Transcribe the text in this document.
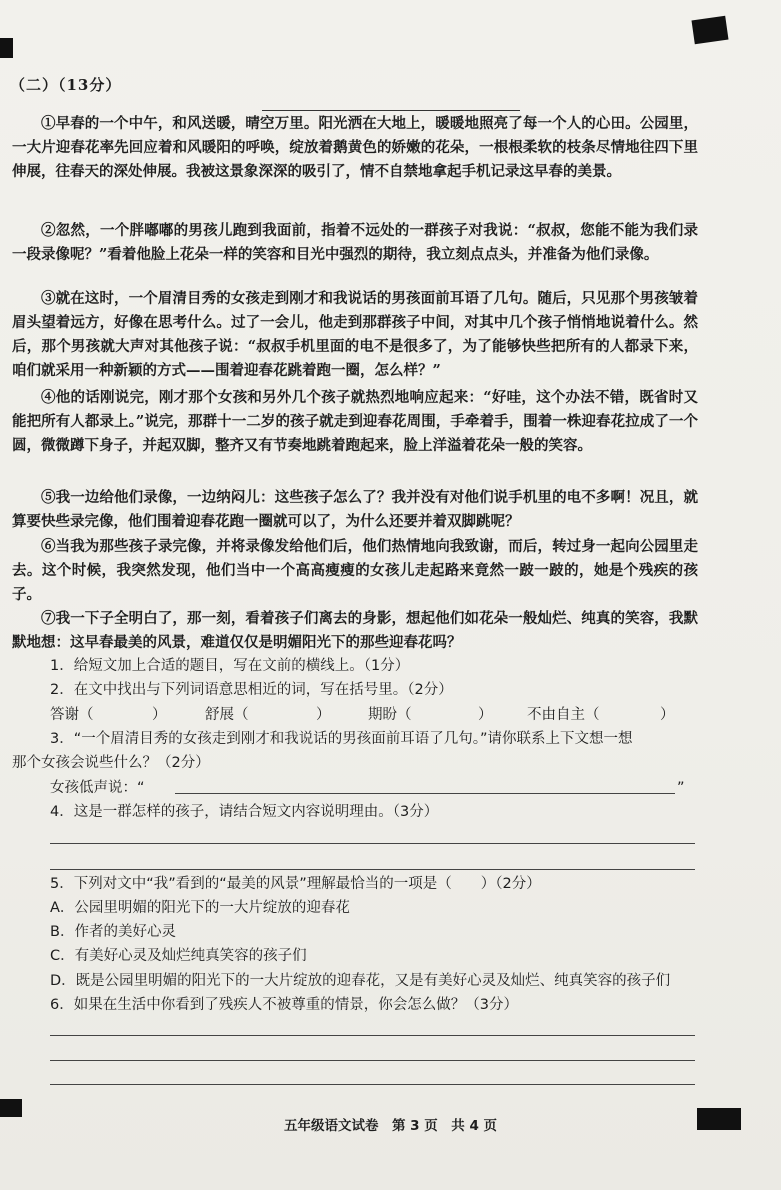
（二）（13分）
①早春的一个中午，和风送暖，晴空万里。阳光洒在大地上，暖暖地照亮了每一个人的心田。公园里，一大片迎春花率先回应着和风暖阳的呼唤，绽放着鹅黄色的娇嫩的花朵，一根根柔软的枝条尽情地往四下里伸展，往春天的深处伸展。我被这景象深深的吸引了，情不自禁地拿起手机记录这早春的美景。
②忽然，一个胖嘟嘟的男孩儿跑到我面前，指着不远处的一群孩子对我说：“叔叔，您能不能为我们录一段录像呢？”看着他脸上花朵一样的笑容和目光中强烈的期待，我立刻点点头，并准备为他们录像。
③就在这时，一个眉清目秀的女孩走到刚才和我说话的男孩面前耳语了几句。随后，只见那个男孩皱着眉头望着远方，好像在思考什么。过了一会儿，他走到那群孩子中间，对其中几个孩子悄悄地说着什么。然后，那个男孩就大声对其他孩子说：“叔叔手机里面的电不是很多了，为了能够快些把所有的人都录下来，咱们就采用一种新颖的方式——围着迎春花跳着跑一圈，怎么样？”
④他的话刚说完，刚才那个女孩和另外几个孩子就热烈地响应起来：“好哇，这个办法不错，既省时又能把所有人都录上。”说完，那群十一二岁的孩子就走到迎春花周围，手牵着手，围着一株迎春花拉成了一个圆，微微蹲下身子，并起双脚，整齐又有节奏地跳着跑起来，脸上洋溢着花朵一般的笑容。
⑤我一边给他们录像，一边纳闷儿：这些孩子怎么了？我并没有对他们说手机里的电不多啊！况且，就算要快些录完像，他们围着迎春花跑一圈就可以了，为什么还要并着双脚跳呢？
⑥当我为那些孩子录完像，并将录像发给他们后，他们热情地向我致谢，而后，转过身一起向公园里走去。这个时候，我突然发现，他们当中一个高高瘦瘦的女孩儿走起路来竟然一跛一跛的，她是个残疾的孩子。
⑦我一下子全明白了，那一刻，看着孩子们离去的身影，想起他们如花朵一般灿烂、纯真的笑容，我默默地想：这早春最美的风景，难道仅仅是明媚阳光下的那些迎春花吗？
1．给短文加上合适的题目，写在文前的横线上。（1分）
2．在文中找出与下列词语意思相近的词，写在括号里。（2分）
答谢（	）	舒展（	）	期盼（	） 不由自主（	）
3．“一个眉清目秀的女孩走到刚才和我说话的男孩面前耳语了几句。”请你联系上下文想一想
那个女孩会说些什么？（2分）
女孩低声说：“	”
4．这是一群怎样的孩子，请结合短文内容说明理由。（3分）
5．下列对文中“我”看到的“最美的风景”理解最恰当的一项是（　　）（2分）
A．公园里明媚的阳光下的一大片绽放的迎春花
B．作者的美好心灵
C．有美好心灵及灿烂纯真笑容的孩子们
D．既是公园里明媚的阳光下的一大片绽放的迎春花，又是有美好心灵及灿烂、纯真笑容的孩子们
6．如果在生活中你看到了残疾人不被尊重的情景，你会怎么做？（3分）
五年级语文试卷　第 3 页　共 4 页
